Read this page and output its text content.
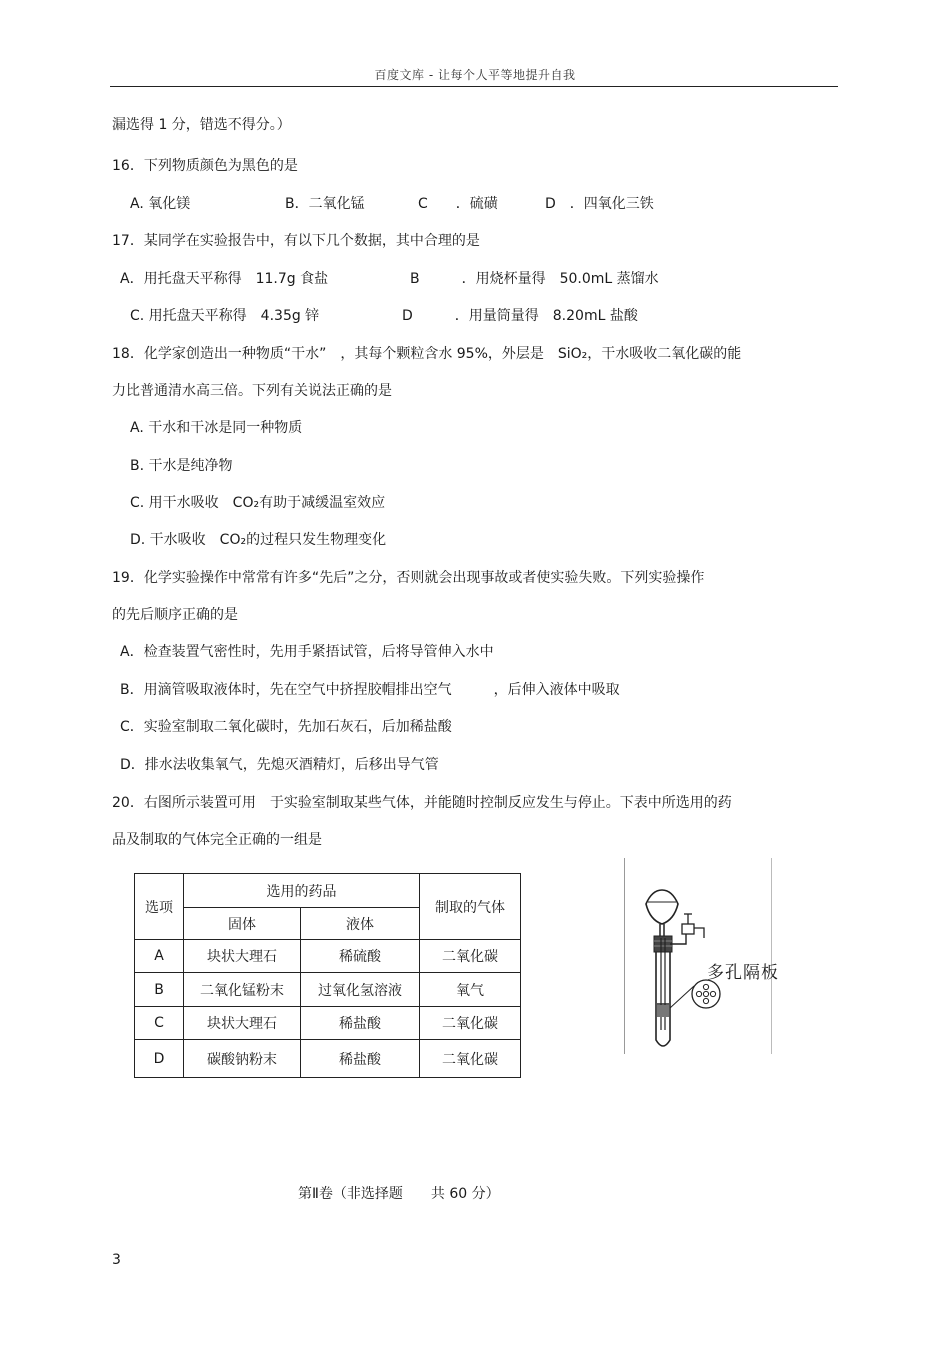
百度文库 - 让每个人平等地提升自我
漏选得 1 分，错选不得分。）
16．下列物质颜色为黑色的是
A. 氧化镁	B．二氧化锰	C　　．硫磺	D　．四氧化三铁
17．某同学在实验报告中，有以下几个数据，其中合理的是
A．用托盘天平称得　11.7g 食盐	B　　　．用烧杯量得　50.0mL 蒸馏水
C. 用托盘天平称得　4.35g 锌	D　　　．用量筒量得　8.20mL 盐酸
18．化学家创造出一种物质“干水”　，其每个颗粒含水 95%，外层是　SiO₂，干水吸收二氧化碳的能
力比普通清水高三倍。下列有关说法正确的是
A. 干水和干冰是同一种物质
B. 干水是纯净物
C. 用干水吸收　CO₂有助于减缓温室效应
D. 干水吸收　CO₂的过程只发生物理变化
19．化学实验操作中常常有许多“先后”之分，否则就会出现事故或者使实验失败。下列实验操作
的先后顺序正确的是
A．检查装置气密性时，先用手紧捂试管，后将导管伸入水中
B．用滴管吸取液体时，先在空气中挤捏胶帽排出空气　　　，后伸入液体中吸取
C．实验室制取二氧化碳时，先加石灰石，后加稀盐酸
D．排水法收集氧气，先熄灭酒精灯，后移出导气管
20．右图所示装置可用　于实验室制取某些气体，并能随时控制反应发生与停止。下表中所选用的药
品及制取的气体完全正确的一组是
选项	选用的药品		制取的气体
	固体	液体	
A	块状大理石	稀硫酸	二氧化碳
B	二氧化锰粉末	过氧化氢溶液	氧气
C	块状大理石	稀盐酸	二氧化碳
D	碳酸钠粉末	稀盐酸	二氧化碳
多孔隔板
第Ⅱ卷（非选择题　　共 60 分）
3
